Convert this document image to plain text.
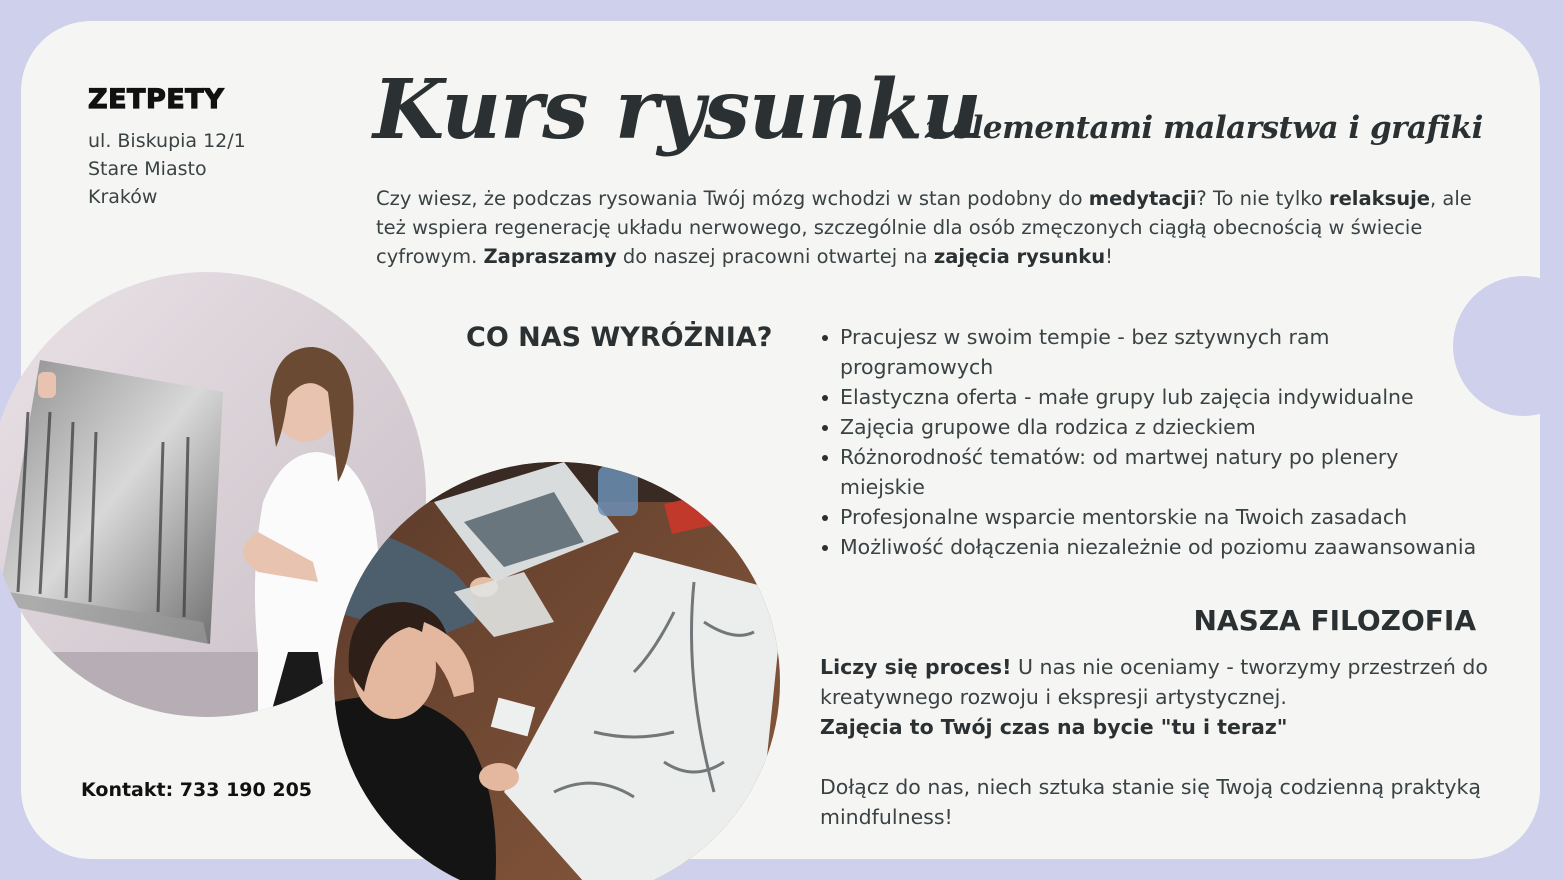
ZETPETY
ul. Biskupia 12/1
Stare Miasto
Kraków
Kurs rysunku
z elementami malarstwa i grafiki

Czy wiesz, że podczas rysowania Twój mózg wchodzi w stan podobny do medytacji? To nie tylko relaksuje, ale też wspiera regenerację układu nerwowego, szczególnie dla osób zmęczonych ciągłą obecnością w świecie cyfrowym. Zapraszamy do naszej pracowni otwartej na zajęcia rysunku!

CO NAS WYRÓŻNIA?	Pracujesz w swoim tempie - bez sztywnych ram programowych
Elastyczna oferta - małe grupy lub zajęcia indywidualne
Zajęcia grupowe dla rodzica z dzieckiem
Różnorodność tematów: od martwej natury po plenery miejskie
Profesjonalne wsparcie mentorskie na Twoich zasadach
Możliwość dołączenia niezależnie od poziomu zaawansowania
NASZA FILOZOFIA

Liczy się proces! U nas nie oceniamy - tworzymy przestrzeń do kreatywnego rozwoju i ekspresji artystycznej.

Zajęcia to Twój czas na bycie "tu i teraz"

Dołącz do nas, niech sztuka stanie się Twoją codzienną praktyką mindfulness!

Kontakt: 733 190 205
